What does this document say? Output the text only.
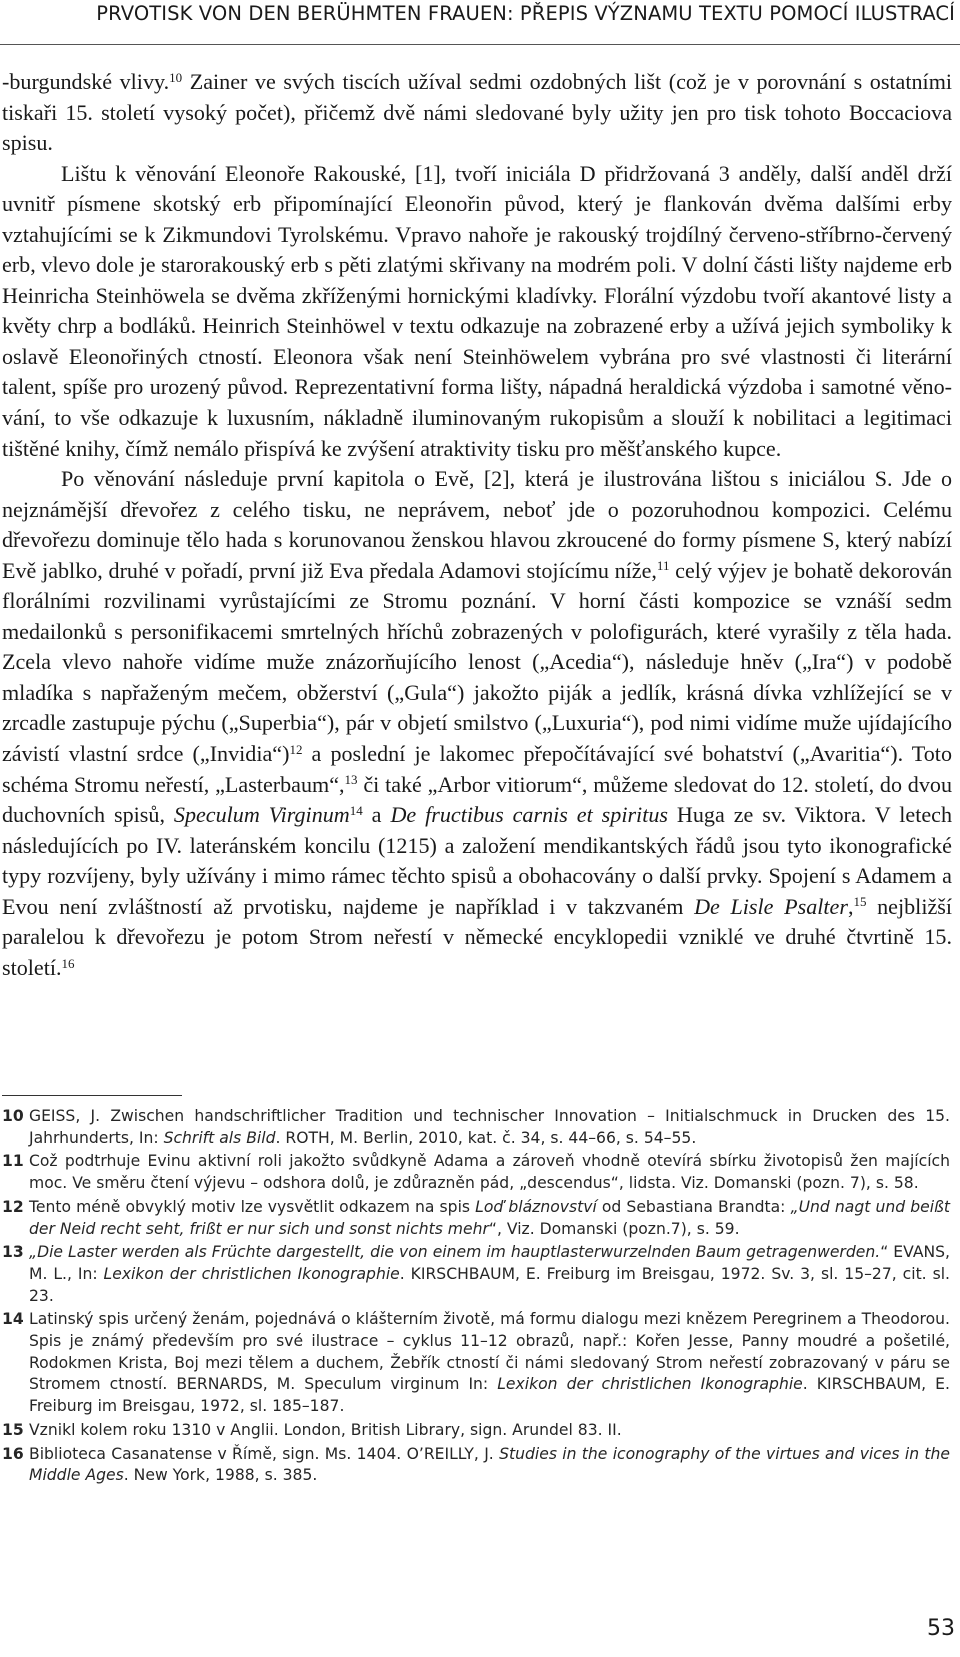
PRVOTISK VON DEN BERÜHMTEN FRAUEN: PŘEPIS VÝZNAMU TEXTU POMOCÍ ILUSTRACÍ

-burgundské vlivy.$^{10}$ Zainer ve svých tiscích užíval sedmi ozdobných lišt (což je v porovnání s ostatními tiskaři 15. století vysoký počet), přičemž dvě námi sledované byly užity jen pro tisk tohoto Boccaciova spisu.

Lištu k věnování Eleonoře Rakouské, [1], tvoří iniciála D přidržovaná 3 anděly, další anděl drží uvnitř písmene skotský erb připomínající Eleonořin původ, který je flankován dvěma dalšími erby vztahujícími se k Zikmundovi Tyrolskému. Vpravo nahoře je rakouský trojdílný červeno-stříbrno-červený erb, vlevo dole je starorakouský erb s pěti zlatými skřivany na modrém poli. V dolní části lišty najdeme erb Heinricha Steinhöwela se dvěma zkříženými hornickými kladívky. Florální výzdobu tvoří akantové listy a květy chrp a bodláků. Heinrich Steinhöwel v textu odkazuje na zobrazené erby a užívá jejich symboliky k oslavě Eleonořiných ctností. Eleonora však není Steinhöwelem vybrána pro své vlastnosti či literární talent, spíše pro urozený původ. Reprezentativní forma lišty, nápadná heraldická výzdoba i samotné věnování, to vše odkazuje k luxusním, nákladně iluminovaným rukopisům a slouží k nobilitaci a legitimaci tištěné knihy, čímž nemálo přispívá ke zvýšení atraktivity tisku pro měšťanského kupce.

Po věnování následuje první kapitola o Evě, [2], která je ilustrována lištou s iniciálou S. Jde o nejznámější dřevořez z celého tisku, ne neprávem, neboť jde o pozoruhodnou kompozici. Celému dřevořezu dominuje tělo hada s korunovanou ženskou hlavou zkroucené do formy písmene S, který nabízí Evě jablko, druhé v pořadí, první již Eva předala Adamovi stojícímu níže,$^{11}$ celý výjev je bohatě dekorován florálními rozvilinami vyrůstajícími ze Stromu poznání. V horní části kompozice se vznáší sedm medailonků s personifikacemi smrtelných hříchů zobrazených v polofigurách, které vyrašily z těla hada. Zcela vlevo nahoře vidíme muže znázorňujícího lenost („Acedia“), následuje hněv („Ira“) v podobě mladíka s napřaženým mečem, obžerství („Gula“) jakožto piják a jedlík, krásná dívka vzhlížející se v zrcadle zastupuje pýchu („Superbia“), pár v objetí smilstvo („Luxuria“), pod nimi vidíme muže ujídajícího závistí vlastní srdce („Invidia“)$^{12}$ a poslední je lakomec přepočítávající své bohatství („Avaritia“). Toto schéma Stromu neřestí, „Lasterbaum“,$^{13}$ či také „Arbor vitiorum“, můžeme sledovat do 12. století, do dvou duchovních spisů, Speculum Virginum$^{14}$ a De fructibus carnis et spiritus Huga ze sv. Viktora. V letech následujících po IV. lateránském koncilu (1215) a založení mendikantských řádů jsou tyto ikonografické typy rozvíjeny, byly užívány i mimo rámec těchto spisů a obohacovány o další prvky. Spojení s Adamem a Evou není zvláštností až prvotisku, najdeme je například i v takzvaném De Lisle Psalter,$^{15}$ nejbližší paralelou k dřevořezu je potom Strom neřestí v německé encyklopedii vzniklé ve druhé čtvrtině 15. století.$^{16}$

10 GEISS, J. Zwischen handschriftlicher Tradition und technischer Innovation – Initialschmuck in Drucken des 15. Jahrhunderts, In: Schrift als Bild. ROTH, M. Berlin, 2010, kat. č. 34, s. 44–66, s. 54–55.
11 Což podtrhuje Evinu aktivní roli jakožto svůdkyně Adama a zároveň vhodně otevírá sbírku životopisů žen majících moc. Ve směru čtení výjevu – odshora dolů, je zdůrazněn pád, „descendus“, lidsta. Viz. Domanski (pozn. 7), s. 58.
12 Tento méně obvyklý motiv lze vysvětlit odkazem na spis Loď bláznovství od Sebastiana Brandta: „Und nagt und beißt der Neid recht seht, frißt er nur sich und sonst nichts mehr“, Viz. Domanski (pozn.7), s. 59.
13 „Die Laster werden als Früchte dargestellt, die von einem im hauptlasterwurzelnden Baum getragenwerden.“ EVANS, M. L., In: Lexikon der christlichen Ikonographie. KIRSCHBAUM, E. Freiburg im Breisgau, 1972. Sv. 3, sl. 15–27, cit. sl. 23.
14 Latinský spis určený ženám, pojednává o klášterním životě, má formu dialogu mezi knězem Peregrinem a Theodorou. Spis je známý především pro své ilustrace – cyklus 11–12 obrazů, např.: Kořen Jesse, Panny moudré a pošetilé, Rodokmen Krista, Boj mezi tělem a duchem, Žebřík ctností či námi sledovaný Strom neřestí zobrazovaný v páru se Stromem ctností. BERNARDS, M. Speculum virginum In: Lexikon der christlichen Ikonographie. KIRSCHBAUM, E. Freiburg im Breisgau, 1972, sl. 185–187.
15 Vznikl kolem roku 1310 v Anglii. London, British Library, sign. Arundel 83. II.
16 Biblioteca Casanatense v Římě, sign. Ms. 1404. O’REILLY, J. Studies in the iconography of the virtues and vices in the Middle Ages. New York, 1988, s. 385.
53
